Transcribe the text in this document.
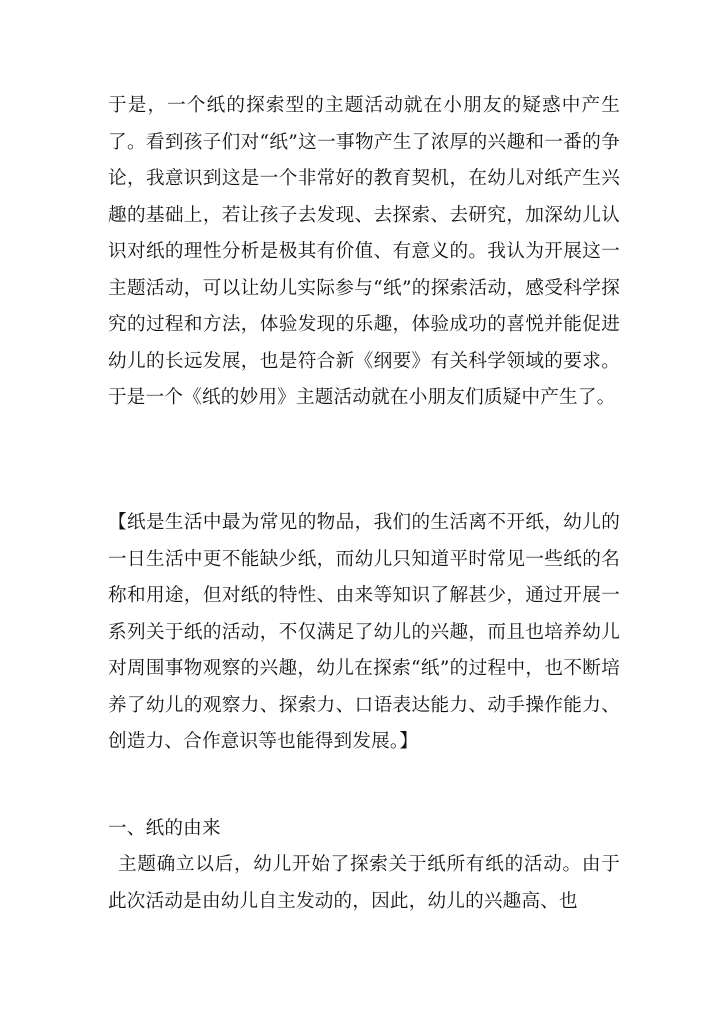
于是，一个纸的探索型的主题活动就在小朋友的疑惑中产生了。看到孩子们对“纸”这一事物产生了浓厚的兴趣和一番的争论，我意识到这是一个非常好的教育契机，在幼儿对纸产生兴趣的基础上，若让孩子去发现、去探索、去研究，加深幼儿认识对纸的理性分析是极其有价值、有意义的。我认为开展这一主题活动，可以让幼儿实际参与“纸”的探索活动，感受科学探究的过程和方法，体验发现的乐趣，体验成功的喜悦并能促进幼儿的长远发展，也是符合新《纲要》有关科学领域的要求。于是一个《纸的妙用》主题活动就在小朋友们质疑中产生了。

【纸是生活中最为常见的物品，我们的生活离不开纸，幼儿的一日生活中更不能缺少纸，而幼儿只知道平时常见一些纸的名称和用途，但对纸的特性、由来等知识了解甚少，通过开展一系列关于纸的活动，不仅满足了幼儿的兴趣，而且也培养幼儿对周围事物观察的兴趣，幼儿在探索“纸”的过程中，也不断培养了幼儿的观察力、探索力、口语表达能力、动手操作能力、创造力、合作意识等也能得到发展。】

一、纸的由来

主题确立以后，幼儿开始了探索关于纸所有纸的活动。由于此次活动是由幼儿自主发动的，因此，幼儿的兴趣高、也
